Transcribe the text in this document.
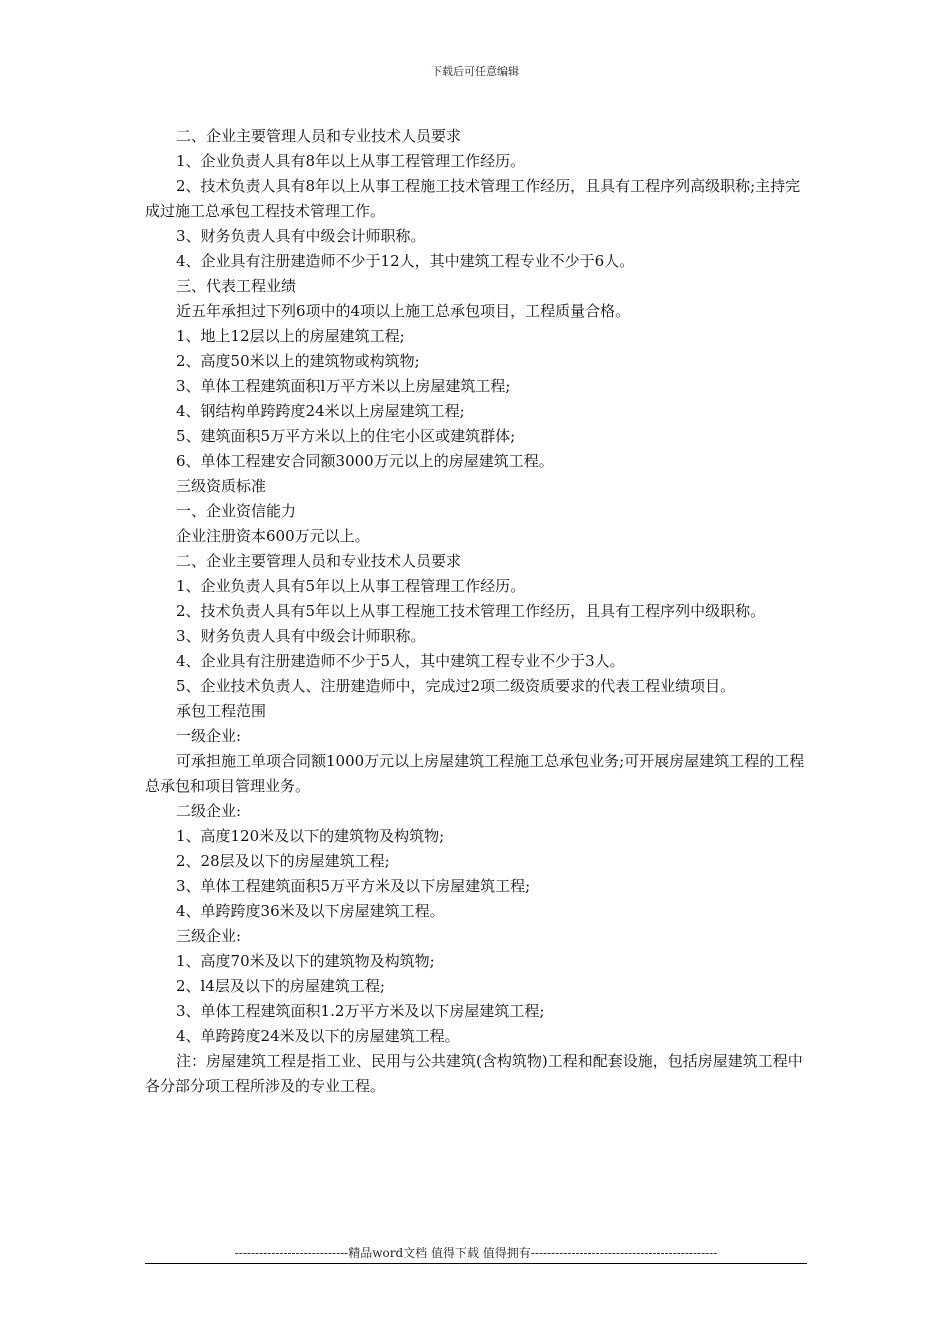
下载后可任意编辑

二、企业主要管理人员和专业技术人员要求

1、企业负责人具有8年以上从事工程管理工作经历。

2、技术负责人具有8年以上从事工程施工技术管理工作经历，且具有工程序列高级职称;主持完成过施工总承包工程技术管理工作。

3、财务负责人具有中级会计师职称。

4、企业具有注册建造师不少于12人，其中建筑工程专业不少于6人。

三、代表工程业绩

近五年承担过下列6项中的4项以上施工总承包项目，工程质量合格。

1、地上12层以上的房屋建筑工程;

2、高度50米以上的建筑物或构筑物;

3、单体工程建筑面积l万平方米以上房屋建筑工程;

4、钢结构单跨跨度24米以上房屋建筑工程;

5、建筑面积5万平方米以上的住宅小区或建筑群体;

6、单体工程建安合同额3000万元以上的房屋建筑工程。

三级资质标准

一、企业资信能力

企业注册资本600万元以上。

二、企业主要管理人员和专业技术人员要求

1、企业负责人具有5年以上从事工程管理工作经历。

2、技术负责人具有5年以上从事工程施工技术管理工作经历，且具有工程序列中级职称。

3、财务负责人具有中级会计师职称。

4、企业具有注册建造师不少于5人，其中建筑工程专业不少于3人。

5、企业技术负责人、注册建造师中，完成过2项二级资质要求的代表工程业绩项目。

承包工程范围

一级企业:

可承担施工单项合同额1000万元以上房屋建筑工程施工总承包业务;可开展房屋建筑工程的工程总承包和项目管理业务。

二级企业:

1、高度120米及以下的建筑物及构筑物;

2、28层及以下的房屋建筑工程;

3、单体工程建筑面积5万平方米及以下房屋建筑工程;

4、单跨跨度36米及以下房屋建筑工程。

三级企业:

1、高度70米及以下的建筑物及构筑物;

2、l4层及以下的房屋建筑工程;

3、单体工程建筑面积1.2万平方米及以下房屋建筑工程;

4、单跨跨度24米及以下的房屋建筑工程。

注：房屋建筑工程是指工业、民用与公共建筑(含构筑物)工程和配套设施，包括房屋建筑工程中各分部分项工程所涉及的专业工程。

----------------------------精品word文档 值得下载 值得拥有----------------------------------------------
